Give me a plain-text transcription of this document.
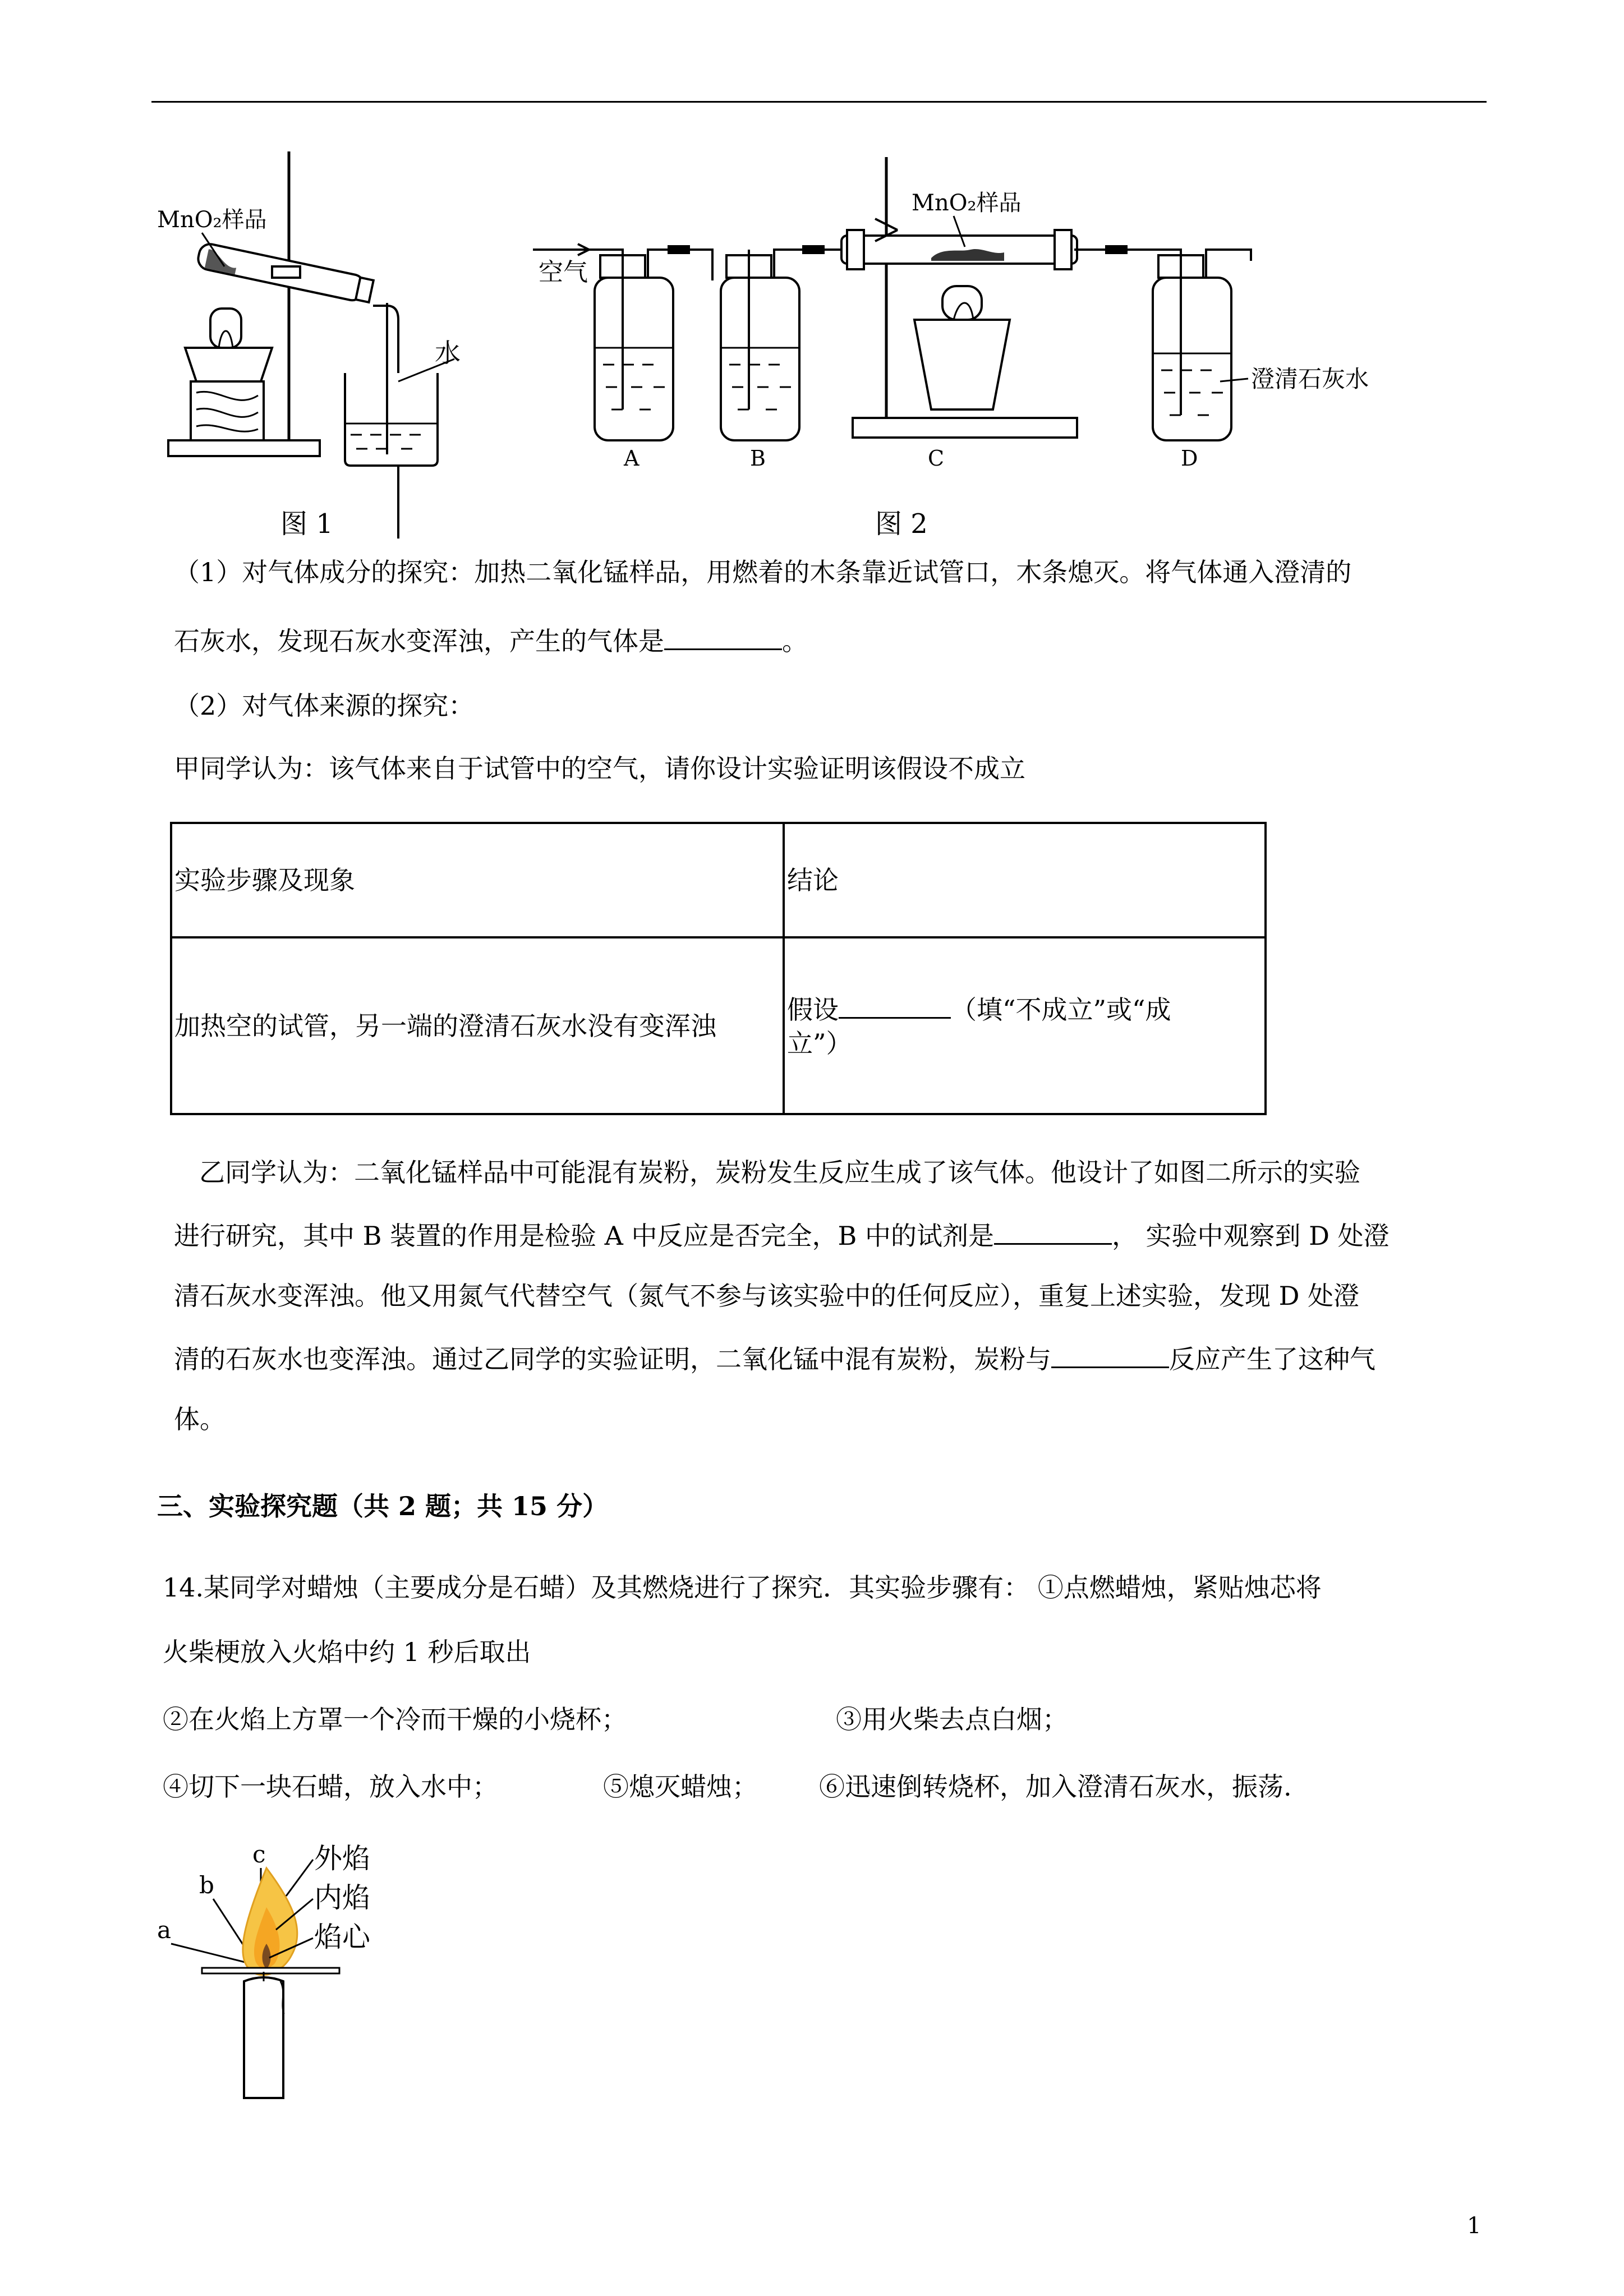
MnO₂样品
水
图 1
空气
MnO₂样品
澄清石灰水
A	B	C	D
图 2
（1）对气体成分的探究：加热二氧化锰样品，用燃着的木条靠近试管口，木条熄灭。将气体通入澄清的
石灰水，发现石灰水变浑浊，产生的气体是	。
（2）对气体来源的探究：
甲同学认为：该气体来自于试管中的空气，请你设计实验证明该假设不成立
实验步骤及现象	结论
加热空的试管，另一端的澄清石灰水没有变浑浊	假设 （填“不成立”或“成
立”）
乙同学认为：二氧化锰样品中可能混有炭粉，炭粉发生反应生成了该气体。他设计了如图二所示的实验
进行研究，其中 B 装置的作用是检验 A 中反应是否完全，B 中的试剂是	， 实验中观察到 D 处澄
清石灰水变浑浊。他又用氮气代替空气（氮气不参与该实验中的任何反应），重复上述实验，发现 D 处澄
清的石灰水也变浑浊。通过乙同学的实验证明，二氧化锰中混有炭粉，炭粉与	反应产生了这种气
体。
三、实验探究题（共 2 题；共 15 分）
14.某同学对蜡烛（主要成分是石蜡）及其燃烧进行了探究．其实验步骤有： ①点燃蜡烛，紧贴烛芯将
火柴梗放入火焰中约 1 秒后取出
②在火焰上方罩一个冷而干燥的小烧杯；	③用火柴去点白烟；
④切下一块石蜡，放入水中；	⑤熄灭蜡烛； ⑥迅速倒转烧杯，加入澄清石灰水，振荡.
a
b
c 外焰
内焰
焰心
1
